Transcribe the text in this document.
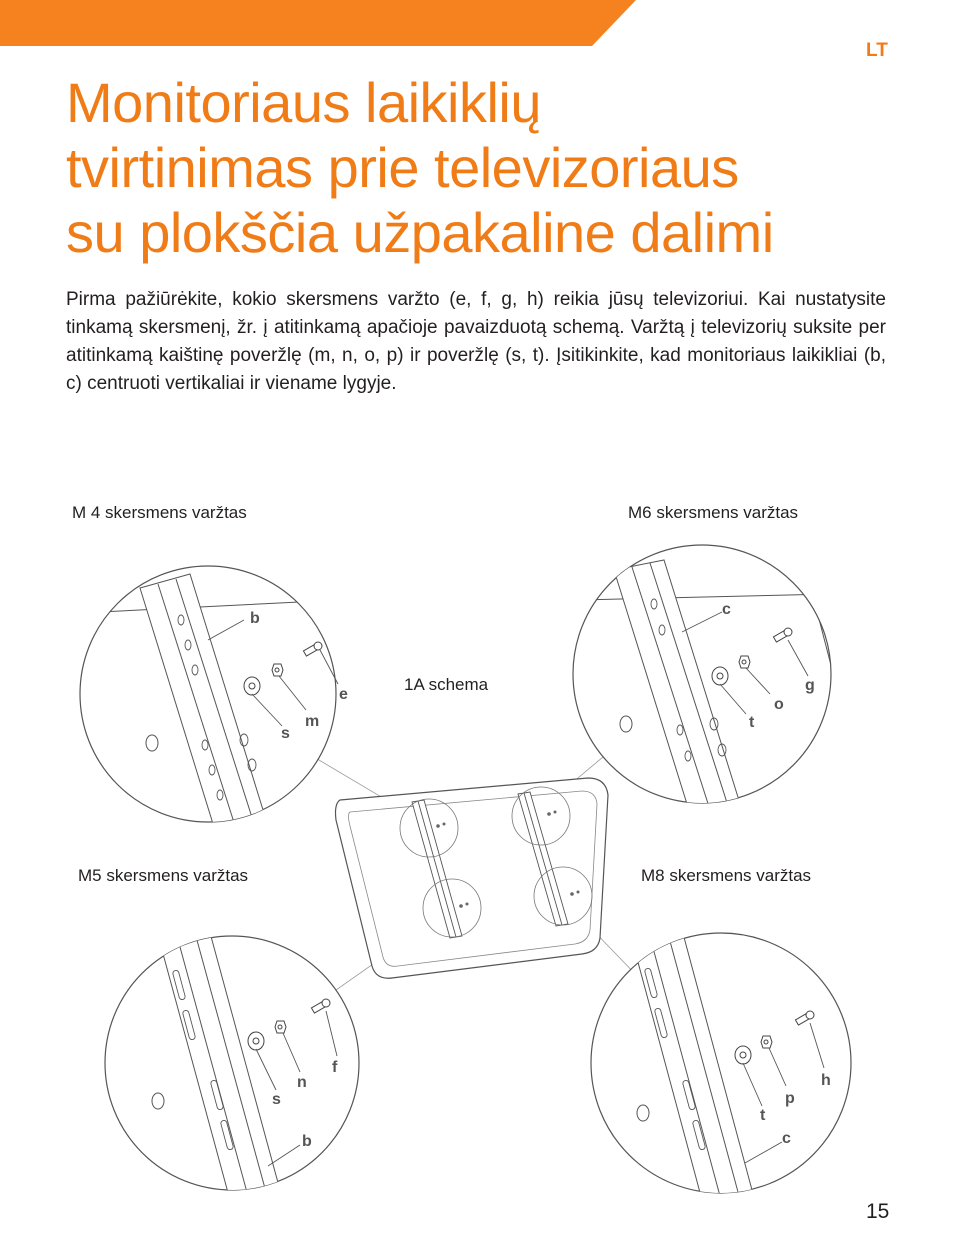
LT
Monitoriaus laikiklių
tvirtinimas prie televizoriaus
su plokščia užpakaline dalimi

Pirma pažiūrėkite, kokio skersmens varžto (e, f, g, h) reikia jūsų televizoriui. Kai nustatysite tinkamą skersmenį, žr. į atitinkamą apačioje pavaizduotą schemą. Varžtą į televizorių suksite per atitinkamą kaištinę poveržlę (m, n, o, p) ir poveržlę (s, t). Įsitikinkite, kad monitoriaus laikikliai (b, c) centruoti vertikaliai ir viename lygyje.

M 4 skersmens varžtas	M6 skersmens varžtas
1A schema
M5 skersmens varžtas	M8 skersmens varžtas
b
e
m
s
c
g
o
t
f
n
s
b
h
p
t
c
15
